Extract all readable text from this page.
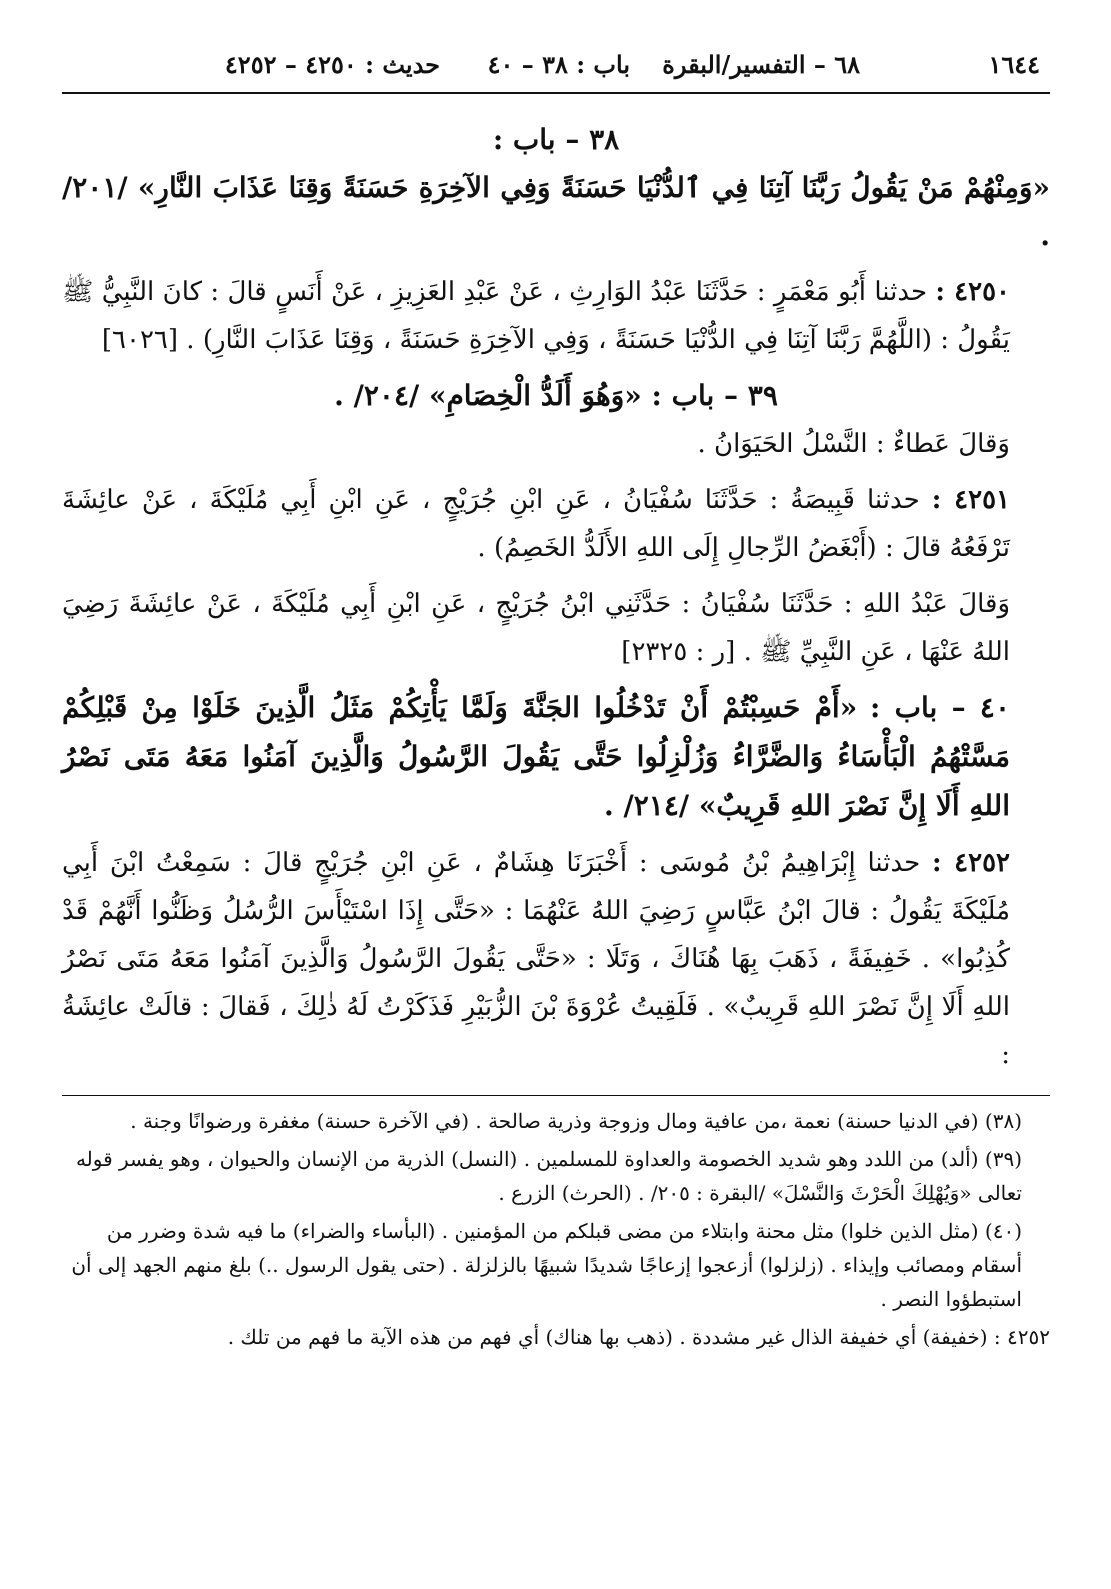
١٦٤٤
٦٨ – التفسير/البقرة
باب : ٣٨ – ٤٠
حديث : ٤٢٥٠ – ٤٢٥٢
٣٨ – باب :

«وَمِنْهُمْ مَنْ يَقُولُ رَبَّنَا آتِنَا فِي ٱلدُّنْيَا حَسَنَةً وَفِي الآخِرَةِ حَسَنَةً وَقِنَا عَذَابَ النَّارِ» /٢٠١/ .

٤٢٥٠ : حدثنا أَبُو مَعْمَرٍ : حَدَّثَنَا عَبْدُ الوَارِثِ ، عَنْ عَبْدِ العَزِيزِ ، عَنْ أَنَسٍ قالَ : كانَ النَّبِيُّ ﷺ يَقُولُ : (اللَّهُمَّ رَبَّنَا آتِنَا فِي الدُّنْيَا حَسَنَةً ، وَفِي الآخِرَةِ حَسَنَةً ، وَقِنَا عَذَابَ النَّارِ) . [٦٠٢٦]

٣٩ – باب : «وَهُوَ أَلَدُّ الْخِصَامِ» /٢٠٤/ .

وَقالَ عَطاءٌ : النَّسْلُ الحَيَوَانُ .

٤٢٥١ : حدثنا قَبِيصَةُ : حَدَّثَنَا سُفْيَانُ ، عَنِ ابْنِ جُرَيْجٍ ، عَنِ ابْنِ أَبِي مُلَيْكَةَ ، عَنْ عائِشَةَ تَرْفَعُهُ قالَ : (أَبْغَضُ الرِّجالِ إِلَى اللهِ الأَلَدُّ الخَصِمُ) .

وَقالَ عَبْدُ اللهِ : حَدَّثَنَا سُفْيَانُ : حَدَّثَنِي ابْنُ جُرَيْجٍ ، عَنِ ابْنِ أَبِي مُلَيْكَةَ ، عَنْ عائِشَةَ رَضِيَ اللهُ عَنْهَا ، عَنِ النَّبِيِّ ﷺ . [ر : ٢٣٢٥]

٤٠ – باب : «أَمْ حَسِبْتُمْ أَنْ تَدْخُلُوا الجَنَّةَ وَلَمَّا يَأْتِكُمْ مَثَلُ الَّذِينَ خَلَوْا مِنْ قَبْلِكُمْ مَسَّتْهُمُ الْبَأْسَاءُ وَالضَّرَّاءُ وَزُلْزِلُوا حَتَّى يَقُولَ الرَّسُولُ وَالَّذِينَ آمَنُوا مَعَهُ مَتَى نَصْرُ اللهِ أَلَا إِنَّ نَصْرَ اللهِ قَرِيبٌ» /٢١٤/ .

٤٢٥٢ : حدثنا إِبْرَاهِيمُ بْنُ مُوسَى : أَخْبَرَنَا هِشَامٌ ، عَنِ ابْنِ جُرَيْجٍ قالَ : سَمِعْتُ ابْنَ أَبِي مُلَيْكَةَ يَقُولُ : قالَ ابْنُ عَبَّاسٍ رَضِيَ اللهُ عَنْهُمَا : «حَتَّى إِذَا اسْتَيْأَسَ الرُّسُلُ وَظَنُّوا أَنَّهُمْ قَدْ كُذِبُوا» . خَفِيفَةً ، ذَهَبَ بِهَا هُنَاكَ ، وَتَلَا : «حَتَّى يَقُولَ الرَّسُولُ وَالَّذِينَ آمَنُوا مَعَهُ مَتَى نَصْرُ اللهِ أَلَا إِنَّ نَصْرَ اللهِ قَرِيبٌ» . فَلَقِيتُ عُرْوَةَ بْنَ الزُّبَيْرِ فَذَكَرْتُ لَهُ ذٰلِكَ ، فَقالَ : قالَتْ عائِشَةُ :

(٣٨) (في الدنيا حسنة) نعمة ،من عافية ومال وزوجة وذرية صالحة . (في الآخرة حسنة) مغفرة ورضوانًا وجنة .

(٣٩) (ألد) من اللدد وهو شديد الخصومة والعداوة للمسلمين . (النسل) الذرية من الإنسان والحيوان ، وهو يفسر قوله تعالى «وَيُهْلِكَ الْحَرْثَ وَالنَّسْلَ» /البقرة : ٢٠٥/ . (الحرث) الزرع .

(٤٠) (مثل الذين خلوا) مثل محنة وابتلاء من مضى قبلكم من المؤمنين . (البأساء والضراء) ما فيه شدة وضرر من أسقام ومصائب وإيذاء . (زلزلوا) أزعجوا إزعاجًا شديدًا شبيهًا بالزلزلة . (حتى يقول الرسول ..) بلغ منهم الجهد إلى أن استبطؤوا النصر .

٤٢٥٢ : (خفيفة) أي خفيفة الذال غير مشددة . (ذهب بها هناك) أي فهم من هذه الآية ما فهم من تلك .
